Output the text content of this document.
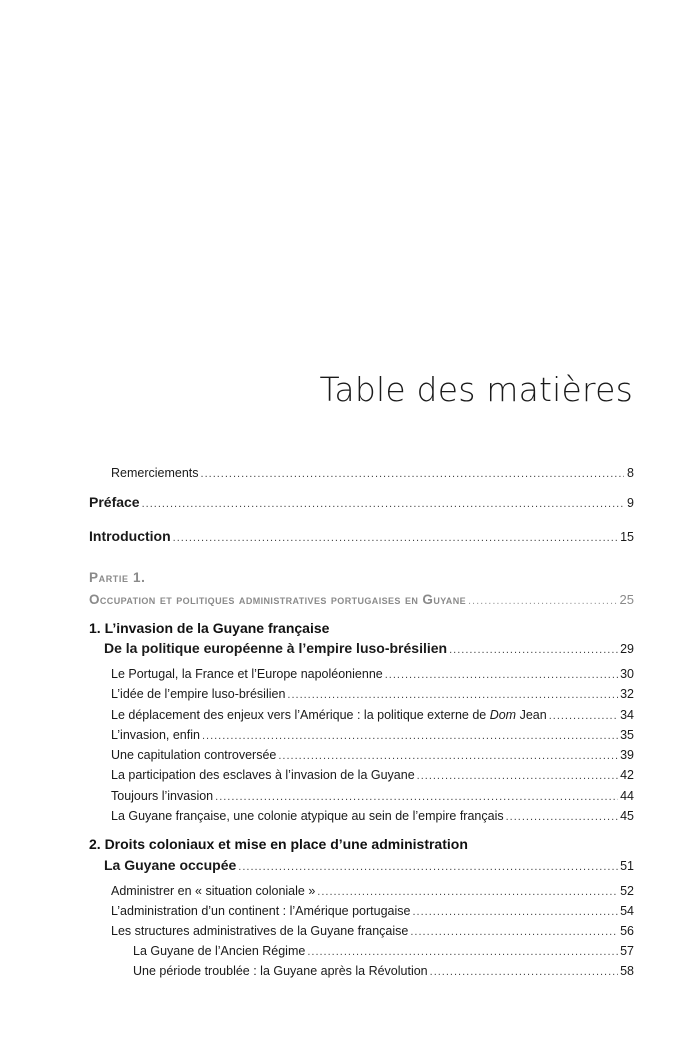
Table des matières
Remerciements .....	8
Préface .....	9
Introduction .....	15
Partie 1.
Occupation et politiques administratives portugaises en Guyane .....	25
1. L’invasion de la Guyane française
De la politique européenne à l’empire luso-brésilien .....	29
Le Portugal, la France et l’Europe napoléonienne .....	30
L’idée de l’empire luso-brésilien .....	32
Le déplacement des enjeux vers l’Amérique : la politique externe de Dom Jean .....	34
L’invasion, enfin .....	35
Une capitulation controversée .....	39
La participation des esclaves à l’invasion de la Guyane .....	42
Toujours l’invasion .....	44
La Guyane française, une colonie atypique au sein de l’empire français .....	45
2. Droits coloniaux et mise en place d’une administration
La Guyane occupée .....	51
Administrer en « situation coloniale » .....	52
L’administration d’un continent : l’Amérique portugaise .....	54
Les structures administratives de la Guyane française .....	56
La Guyane de l’Ancien Régime .....	57
Une période troublée : la Guyane après la Révolution .....	58
